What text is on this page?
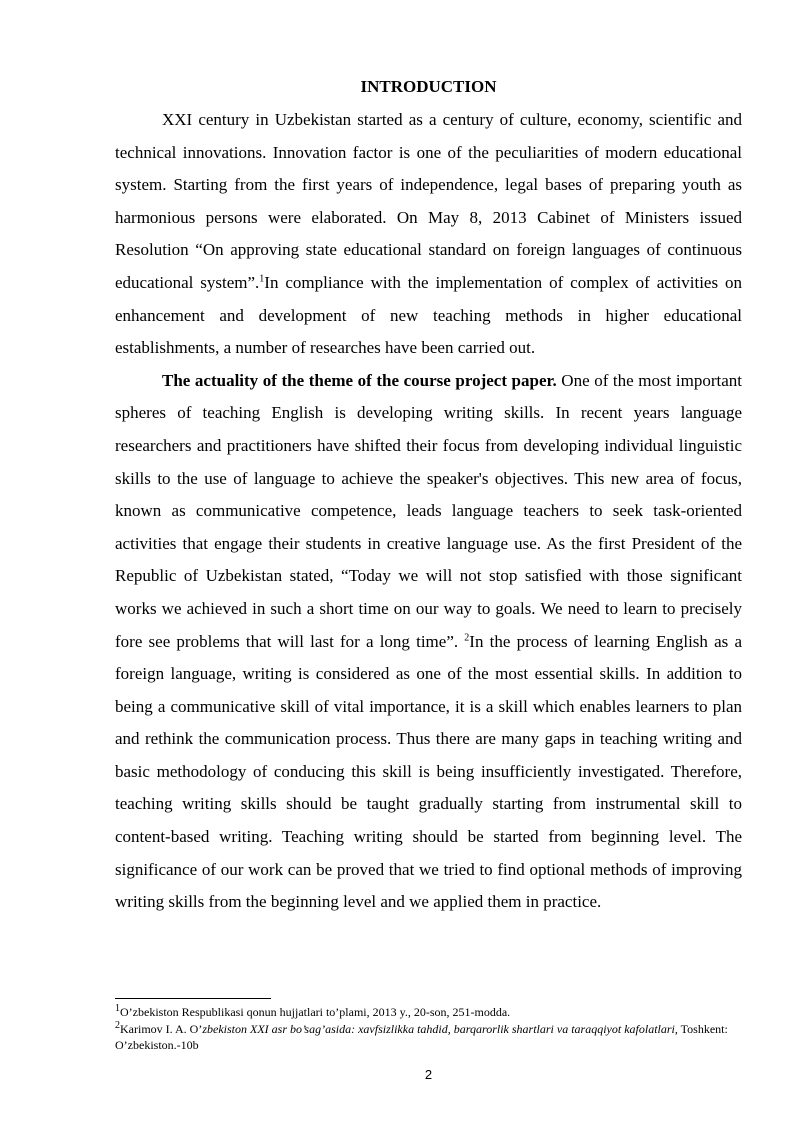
INTRODUCTION

XXI century in Uzbekistan started as a century of culture, economy, scientific and technical innovations. Innovation factor is one of the peculiarities of modern educational system. Starting from the first years of independence, legal bases of preparing youth as harmonious persons were elaborated. On May 8, 2013 Cabinet of Ministers issued Resolution “On approving state educational standard on foreign languages of continuous educational system”.$^1$In compliance with the implementation of complex of activities on enhancement and development of new teaching methods in higher educational establishments, a number of researches have been carried out.

The actuality of the theme of the course project paper. One of the most important spheres of teaching English is developing writing skills. In recent years language researchers and practitioners have shifted their focus from developing individual linguistic skills to the use of language to achieve the speaker's objectives. This new area of focus, known as communicative competence, leads language teachers to seek task-oriented activities that engage their students in creative language use. As the first President of the Republic of Uzbekistan stated, “Today we will not stop satisfied with those significant works we achieved in such a short time on our way to goals. We need to learn to precisely fore see problems that will last for a long time”. $^2$In the process of learning English as a foreign language, writing is considered as one of the most essential skills. In addition to being a communicative skill of vital importance, it is a skill which enables learners to plan and rethink the communication process. Thus there are many gaps in teaching writing and basic methodology of conducing this skill is being insufficiently investigated. Therefore, teaching writing skills should be taught gradually starting from instrumental skill to content-based writing. Teaching writing should be started from beginning level. The significance of our work can be proved that we tried to find optional methods of improving writing skills from the beginning level and we applied them in practice.

$^1$O’zbekiston Respublikasi qonun hujjatlari to’plami, 2013 y., 20-son, 251-modda.

$^2$Karimov I. A. O’zbekiston XXI asr bo’sag’asida: xavfsizlikka tahdid, barqarorlik shartlari va taraqqiyot kafolatlari, Toshkent: O’zbekiston.-10b

2
